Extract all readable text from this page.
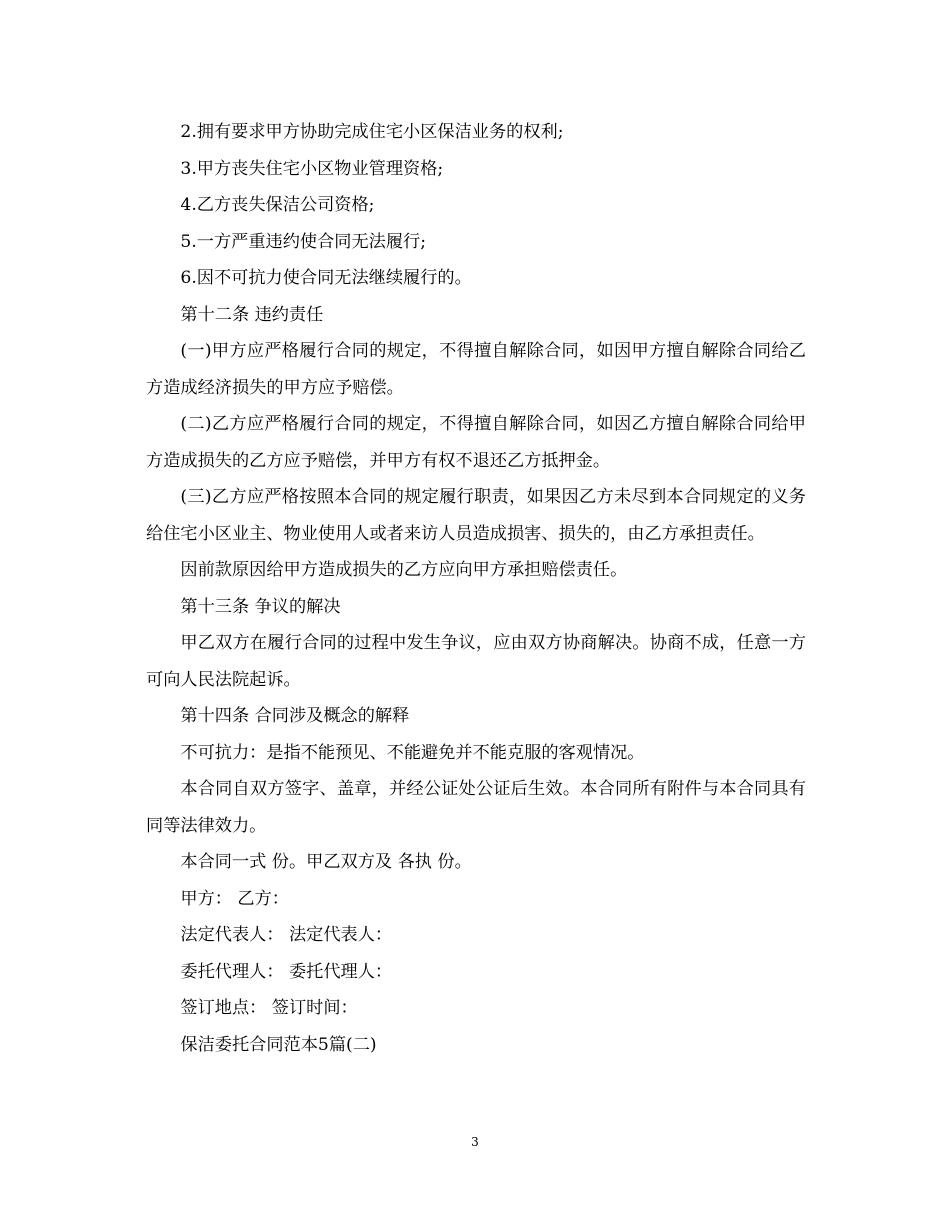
2.拥有要求甲方协助完成住宅小区保洁业务的权利;

3.甲方丧失住宅小区物业管理资格;

4.乙方丧失保洁公司资格;

5.一方严重违约使合同无法履行;

6.因不可抗力使合同无法继续履行的。

第十二条 违约责任

(一)甲方应严格履行合同的规定，不得擅自解除合同，如因甲方擅自解除合同给乙方造成经济损失的甲方应予赔偿。

(二)乙方应严格履行合同的规定，不得擅自解除合同，如因乙方擅自解除合同给甲方造成损失的乙方应予赔偿，并甲方有权不退还乙方抵押金。

(三)乙方应严格按照本合同的规定履行职责，如果因乙方未尽到本合同规定的义务给住宅小区业主、物业使用人或者来访人员造成损害、损失的，由乙方承担责任。

因前款原因给甲方造成损失的乙方应向甲方承担赔偿责任。

第十三条 争议的解决

甲乙双方在履行合同的过程中发生争议，应由双方协商解决。协商不成，任意一方可向人民法院起诉。

第十四条 合同涉及概念的解释

不可抗力：是指不能预见、不能避免并不能克服的客观情况。

本合同自双方签字、盖章，并经公证处公证后生效。本合同所有附件与本合同具有同等法律效力。

本合同一式 份。甲乙双方及 各执 份。

甲方： 乙方：

法定代表人： 法定代表人：

委托代理人： 委托代理人：

签订地点： 签订时间：

保洁委托合同范本5篇(二)

3
